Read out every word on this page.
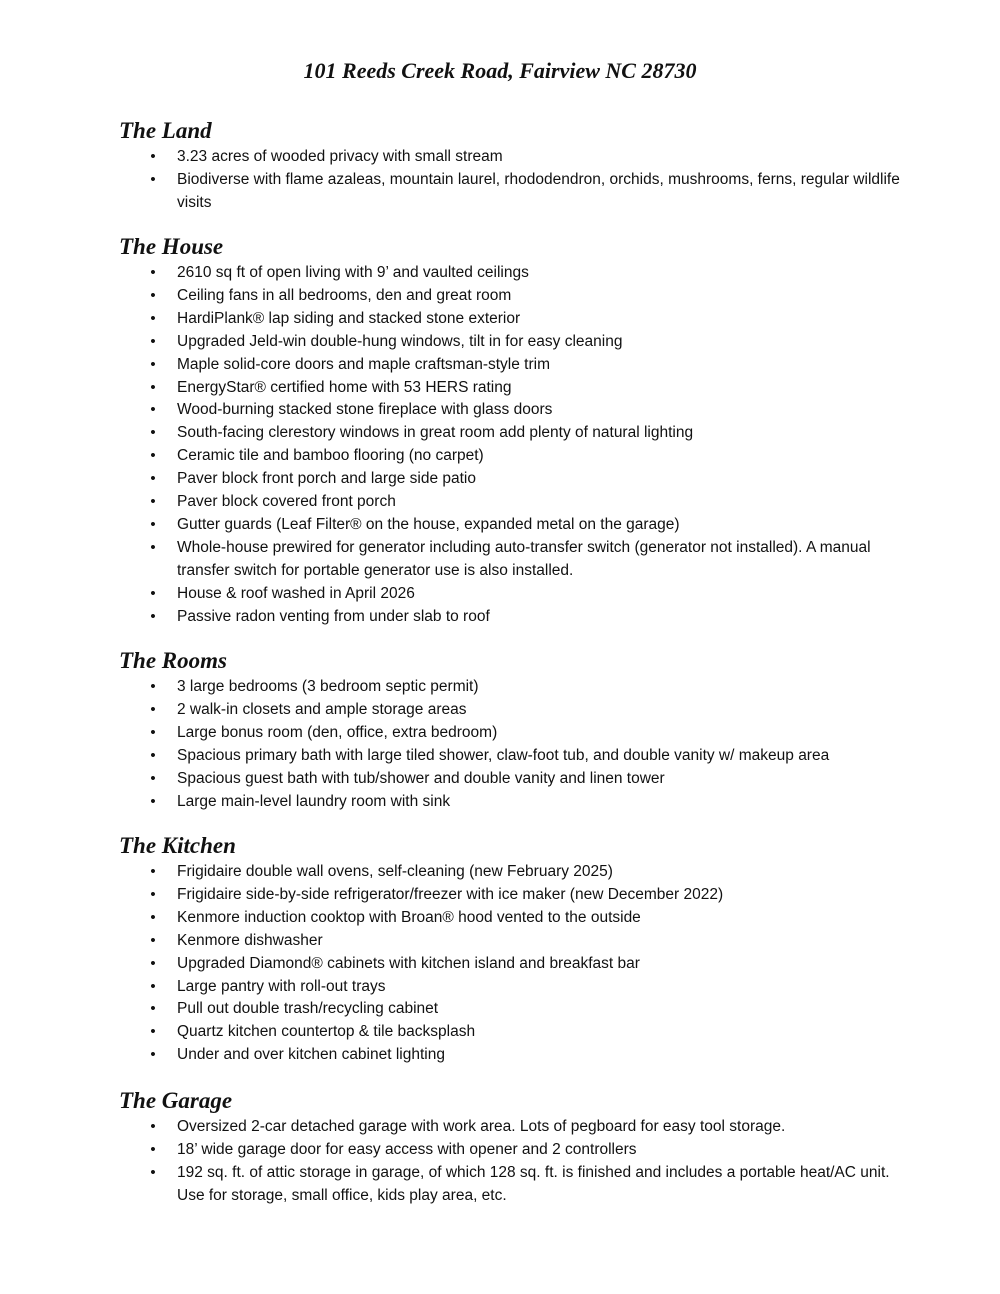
101 Reeds Creek Road, Fairview NC 28730
The Land
• 3.23 acres of wooded privacy with small stream
• Biodiverse with flame azaleas, mountain laurel, rhododendron, orchids, mushrooms, ferns, regular wildlife visits
The House
• 2610 sq ft of open living with 9’ and vaulted ceilings
• Ceiling fans in all bedrooms, den and great room
• HardiPlank® lap siding and stacked stone exterior
• Upgraded Jeld-win double-hung windows, tilt in for easy cleaning
• Maple solid-core doors and maple craftsman-style trim
• EnergyStar® certified home with 53 HERS rating
• Wood-burning stacked stone fireplace with glass doors
• South-facing clerestory windows in great room add plenty of natural lighting
• Ceramic tile and bamboo flooring (no carpet)
• Paver block front porch and large side patio
• Paver block covered front porch
• Gutter guards (Leaf Filter® on the house, expanded metal on the garage)
• Whole-house prewired for generator including auto-transfer switch (generator not installed). A manual transfer switch for portable generator use is also installed.
• House & roof washed in April 2026
• Passive radon venting from under slab to roof
The Rooms
• 3 large bedrooms (3 bedroom septic permit)
• 2 walk-in closets and ample storage areas
• Large bonus room (den, office, extra bedroom)
• Spacious primary bath with large tiled shower, claw-foot tub, and double vanity w/ makeup area
• Spacious guest bath with tub/shower and double vanity and linen tower
• Large main-level laundry room with sink
The Kitchen
• Frigidaire double wall ovens, self-cleaning (new February 2025)
• Frigidaire side-by-side refrigerator/freezer with ice maker (new December 2022)
• Kenmore induction cooktop with Broan® hood vented to the outside
• Kenmore dishwasher
• Upgraded Diamond® cabinets with kitchen island and breakfast bar
• Large pantry with roll-out trays
• Pull out double trash/recycling cabinet
• Quartz kitchen countertop & tile backsplash
• Under and over kitchen cabinet lighting
The Garage
• Oversized 2-car detached garage with work area. Lots of pegboard for easy tool storage.
• 18’ wide garage door for easy access with opener and 2 controllers
• 192 sq. ft. of attic storage in garage, of which 128 sq. ft. is finished and includes a portable heat/AC unit. Use for storage, small office, kids play area, etc.
